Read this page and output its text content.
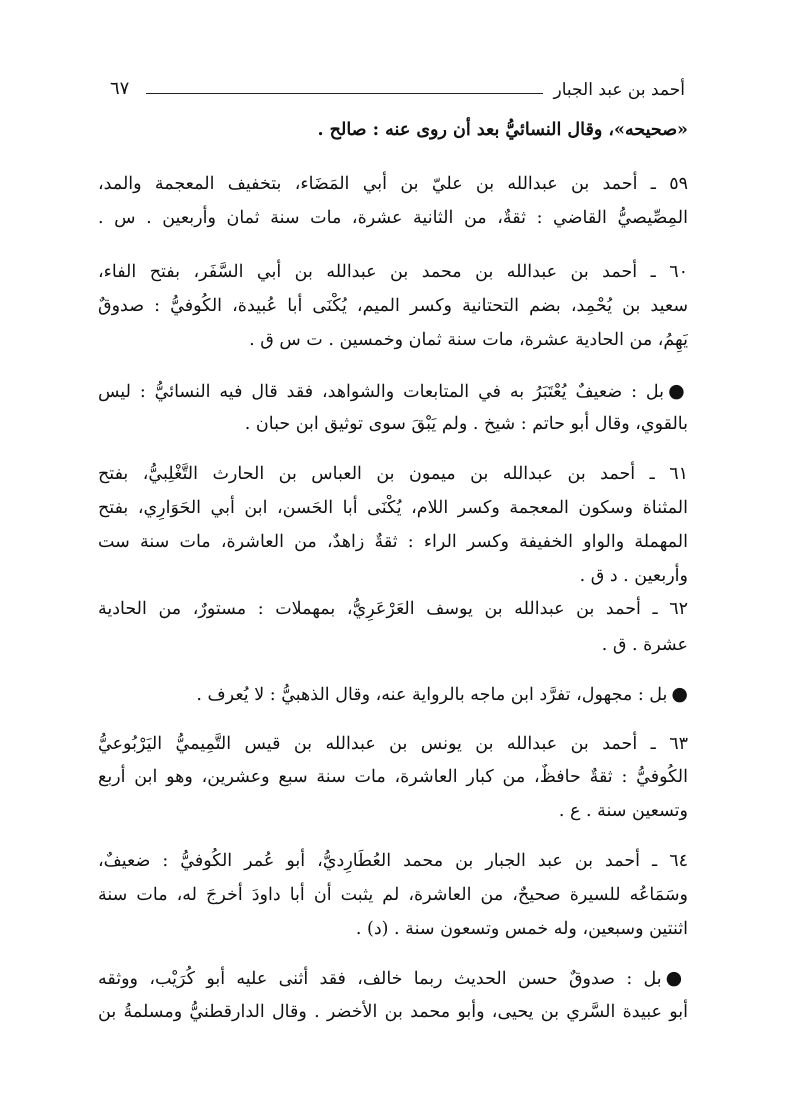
أحمد بن عبد الجبار
٦٧
«صحيحه»، وقال النسائيُّ بعد أن روى عنه : صالح .
٥٩ ـ أحمد بن عبدالله بن عليّ بن أبي المَضَاء، بتخفيف المعجمة والمد،
المِصِّيصيُّ القاضي : ثقةٌ، من الثانية عشرة، مات سنة ثمان وأربعين . س .
٦٠ ـ أحمد بن عبدالله بن محمد بن عبدالله بن أبي السَّفَر، بفتح الفاء،
سعيد بن يُحْمِد، بضم التحتانية وكسر الميم، يُكْنَى أبا عُبيدة، الكُوفيُّ : صدوقٌ
يَهِمُ، من الحادية عشرة، مات سنة ثمان وخمسين . ت س ق .
●بل : ضعيفٌ يُعْتَبَرُ به في المتابعات والشواهد، فقد قال فيه النسائيُّ : ليس
بالقوي، وقال أبو حاتم : شيخ . ولم يَبْقَ سوى توثيق ابن حبان .
٦١ ـ أحمد بن عبدالله بن ميمون بن العباس بن الحارث التَّغْلِبيُّ، بفتح
المثناة وسكون المعجمة وكسر اللام، يُكْنَى أبا الحَسن، ابن أبي الحَوَارِي، بفتح
المهملة والواو الخفيفة وكسر الراء : ثقةٌ زاهدٌ، من العاشرة، مات سنة ست
وأربعين . د ق .
٦٢ ـ أحمد بن عبدالله بن يوسف العَرْعَرِيُّ، بمهملات : مستورٌ، من الحادية
عشرة . ق .
●بل : مجهول، تفرَّد ابن ماجه بالرواية عنه، وقال الذهبيُّ : لا يُعرف .
٦٣ ـ أحمد بن عبدالله بن يونس بن عبدالله بن قيس التَّمِيميُّ اليَرْبُوعيُّ
الكُوفيُّ : ثقةٌ حافظٌ، من كبار العاشرة، مات سنة سبع وعشرين، وهو ابن أربع
وتسعين سنة . ع .
٦٤ ـ أحمد بن عبد الجبار بن محمد العُطَارِديُّ، أبو عُمر الكُوفيُّ : ضعيفٌ،
وسَمَاعُه للسيرة صحيحٌ، من العاشرة، لم يثبت أن أبا داودَ أخرجَ له، مات سنة
اثنتين وسبعين، وله خمس وتسعون سنة . (د) .
●بل : صدوقٌ حسن الحديث ربما خالف، فقد أثنى عليه أبو كُرَيْب، ووثقه
أبو عبيدة السَّري بن يحيى، وأبو محمد بن الأخضر . وقال الدارقطنيُّ ومسلمةُ بن
